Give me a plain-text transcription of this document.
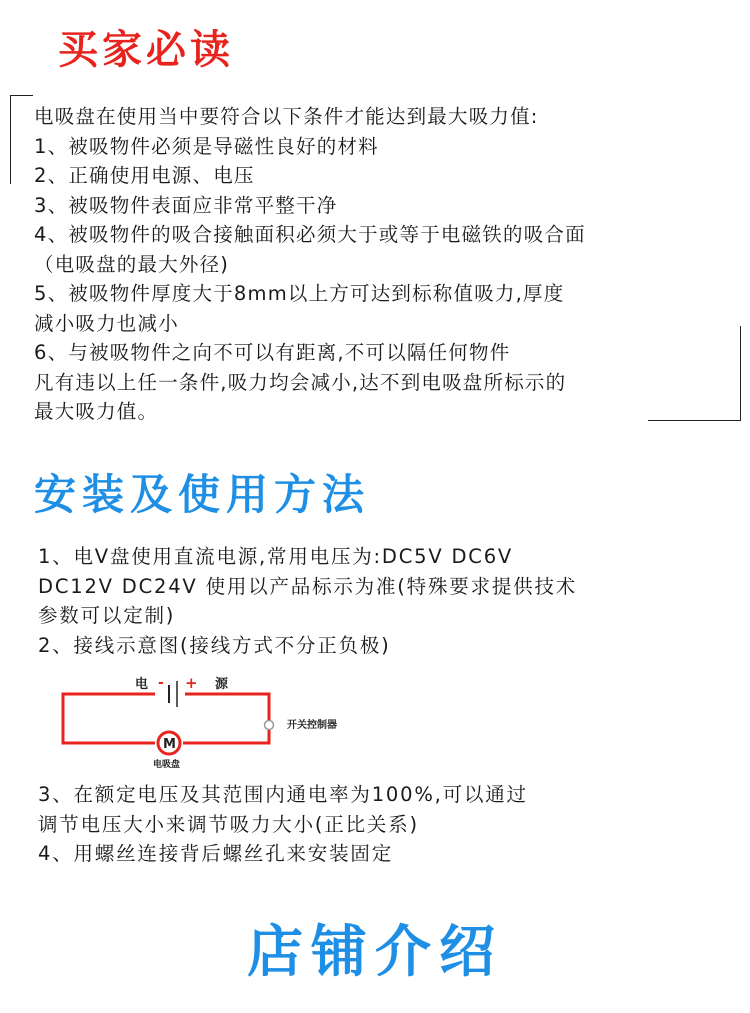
买家必读
电吸盘在使用当中要符合以下条件才能达到最大吸力值:
1、被吸物件必须是导磁性良好的材料
2、正确使用电源、电压
3、被吸物件表面应非常平整干净
4、被吸物件的吸合接触面积必须大于或等于电磁铁的吸合面
（电吸盘的最大外径)
5、被吸物件厚度大于8mm以上方可达到标称值吸力,厚度
减小吸力也减小
6、与被吸物件之向不可以有距离,不可以隔任何物件
凡有违以上任一条件,吸力均会减小,达不到电吸盘所标示的
最大吸力值。
安装及使用方法
1、电V盘使用直流电源,常用电压为:DC5V DC6V
DC12V DC24V 使用以产品标示为准(特殊要求提供技术
参数可以定制)
2、接线示意图(接线方式不分正负极)
电	源
- +
开关控制器
M
电吸盘
3、在额定电压及其范围内通电率为100%,可以通过
调节电压大小来调节吸力大小(正比关系)
4、用螺丝连接背后螺丝孔来安装固定
店铺介绍
